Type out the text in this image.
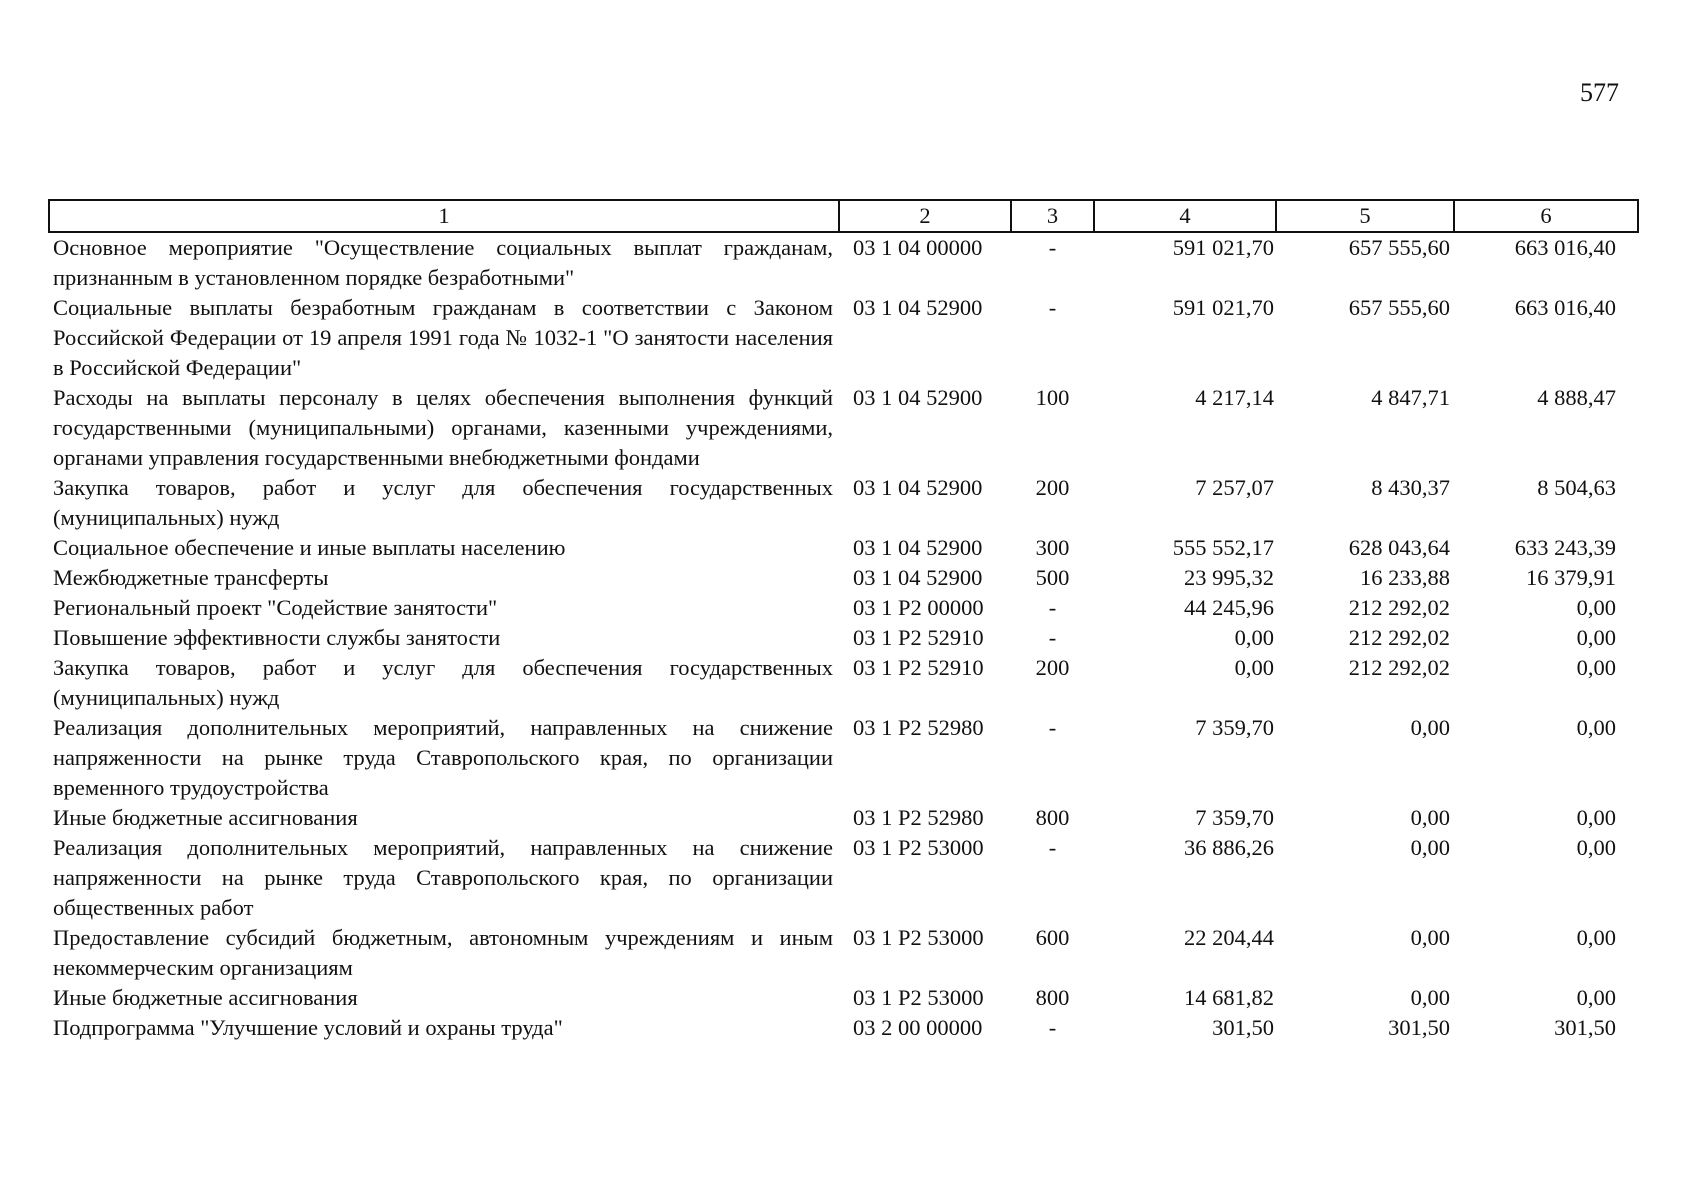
577
1	2	3	4	5	6
Основное мероприятие "Осуществление социальных выплат гражданам, признанным в установленном порядке безработными"	03 1 04 00000	-	591 021,70	657 555,60	663 016,40
Социальные выплаты безработным гражданам в соответствии с Законом Российской Федерации от 19 апреля 1991 года № 1032-1 "О занятости населения в Российской Федерации"	03 1 04 52900	-	591 021,70	657 555,60	663 016,40
Расходы на выплаты персоналу в целях обеспечения выполнения функций государственными (муниципальными) органами, казенными учреждениями, органами управления государственными внебюджетными фондами	03 1 04 52900	100	4 217,14	4 847,71	4 888,47
Закупка товаров, работ и услуг для обеспечения государственных (муниципальных) нужд	03 1 04 52900	200	7 257,07	8 430,37	8 504,63
Социальное обеспечение и иные выплаты населению	03 1 04 52900	300	555 552,17	628 043,64	633 243,39
Межбюджетные трансферты	03 1 04 52900	500	23 995,32	16 233,88	16 379,91
Региональный проект "Содействие занятости"	03 1 P2 00000	-	44 245,96	212 292,02	0,00
Повышение эффективности службы занятости	03 1 P2 52910	-	0,00	212 292,02	0,00
Закупка товаров, работ и услуг для обеспечения государственных (муниципальных) нужд	03 1 P2 52910	200	0,00	212 292,02	0,00
Реализация дополнительных мероприятий, направленных на снижение напряженности на рынке труда Ставропольского края, по организации временного трудоустройства	03 1 P2 52980	-	7 359,70	0,00	0,00
Иные бюджетные ассигнования	03 1 P2 52980	800	7 359,70	0,00	0,00
Реализация дополнительных мероприятий, направленных на снижение напряженности на рынке труда Ставропольского края, по организации общественных работ	03 1 P2 53000	-	36 886,26	0,00	0,00
Предоставление субсидий бюджетным, автономным учреждениям и иным некоммерческим организациям	03 1 P2 53000	600	22 204,44	0,00	0,00
Иные бюджетные ассигнования	03 1 P2 53000	800	14 681,82	0,00	0,00
Подпрограмма "Улучшение условий и охраны труда"	03 2 00 00000	-	301,50	301,50	301,50
